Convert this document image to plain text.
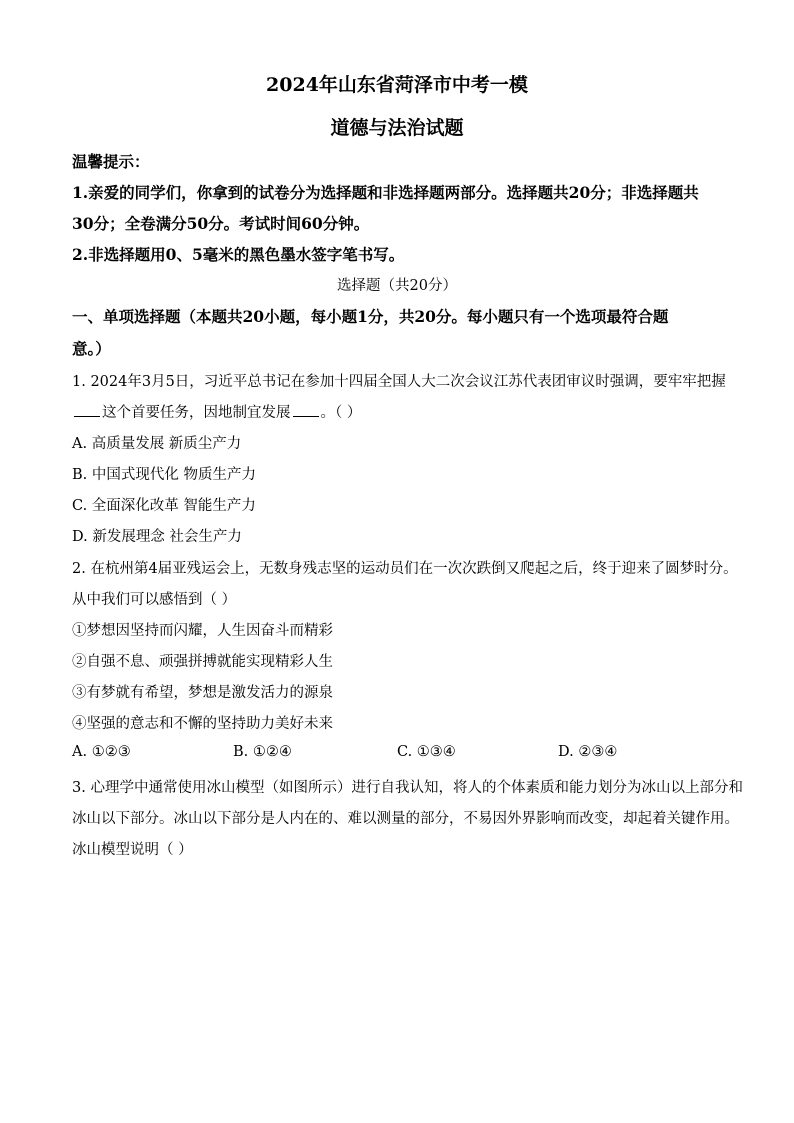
2024年山东省菏泽市中考一模
道德与法治试题
温馨提示：
1.亲爱的同学们，你拿到的试卷分为选择题和非选择题两部分。选择题共20分；非选择题共
30分；全卷满分50分。考试时间60分钟。
2.非选择题用0、5毫米的黑色墨水签字笔书写。
选择题（共20分）
一、单项选择题（本题共20小题，每小题1分，共20分。每小题只有一个选项最符合题
意。）
1. 2024年3月5日，习近平总书记在参加十四届全国人大二次会议江苏代表团审议时强调，要牢牢把握
这个首要任务，因地制宜发展 。（ ）
A. 高质量发展 新质尘产力
B. 中国式现代化 物质生产力
C. 全面深化改革 智能生产力
D. 新发展理念 社会生产力
2. 在杭州第4届亚残运会上，无数身残志坚的运动员们在一次次跌倒又爬起之后，终于迎来了圆梦时分。
从中我们可以感悟到（ ）
①梦想因坚持而闪耀，人生因奋斗而精彩
②自强不息、顽强拼搏就能实现精彩人生
③有梦就有希望，梦想是激发活力的源泉
④坚强的意志和不懈的坚持助力美好未来
A. ①②③	B. ①②④	C. ①③④	D. ②③④
3. 心理学中通常使用冰山模型（如图所示）进行自我认知，将人的个体素质和能力划分为冰山以上部分和
冰山以下部分。冰山以下部分是人内在的、难以测量的部分，不易因外界影响而改变，却起着关键作用。
冰山模型说明（ ）
